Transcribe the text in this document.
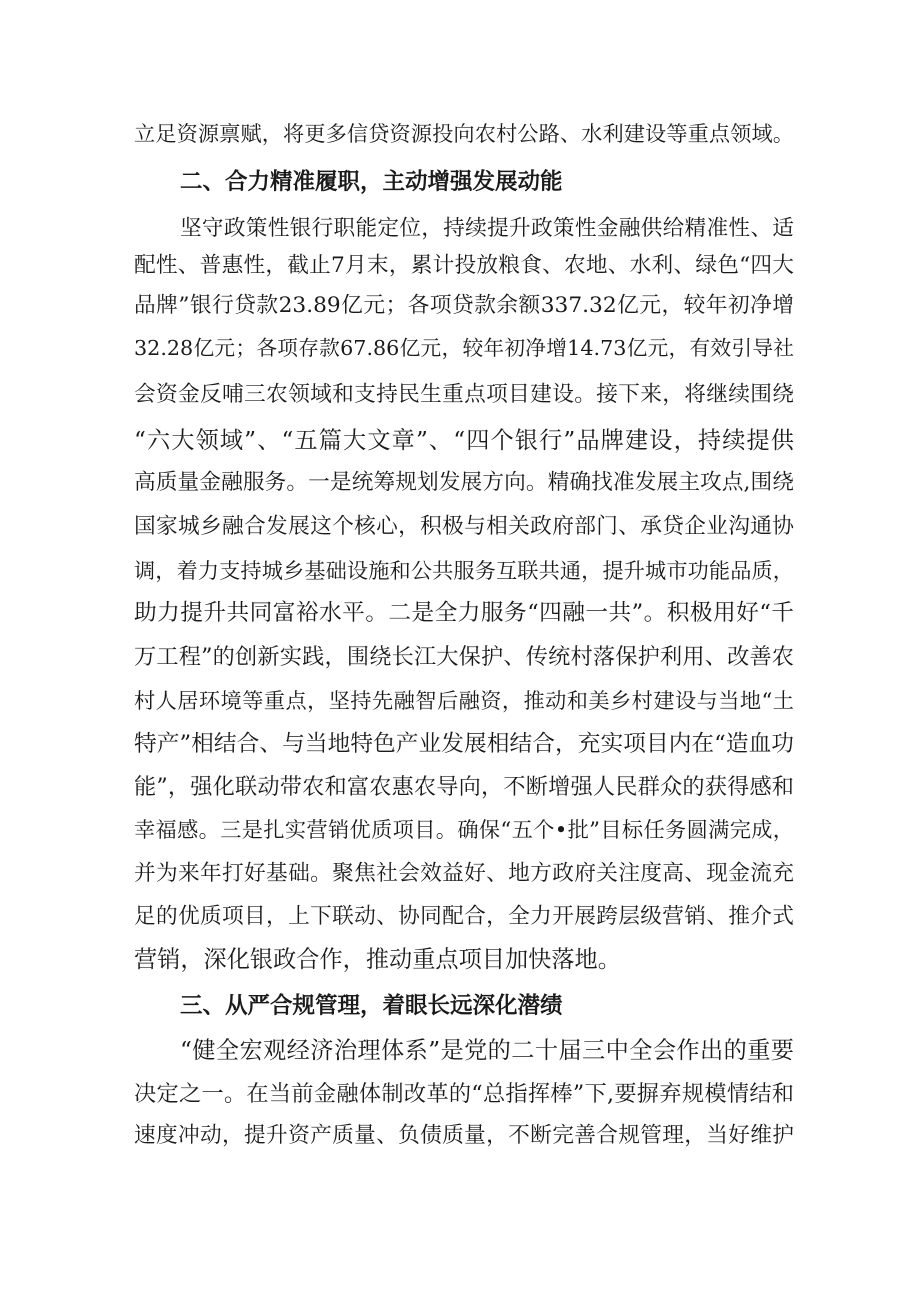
立足资源禀赋，将更多信贷资源投向农村公路、水利建设等重点领域。
二、合力精准履职，主动增强发展动能
坚守政策性银行职能定位，持续提升政策性金融供给精准性、适
配性、普惠性，截止7月末，累计投放粮食、农地、水利、绿色“四大
品牌”银行贷款23.89亿元；各项贷款余额337.32亿元，较年初净增
32.28亿元；各项存款67.86亿元，较年初净增14.73亿元，有效引导社
会资金反哺三农领域和支持民生重点项目建设。接下来，将继续围绕
“六大领域”、“五篇大文章”、“四个银行”品牌建设，持续提供
高质量金融服务。一是统筹规划发展方向。精确找准发展主攻点,围绕
国家城乡融合发展这个核心，积极与相关政府部门、承贷企业沟通协
调，着力支持城乡基础设施和公共服务互联共通，提升城市功能品质，
助力提升共同富裕水平。二是全力服务“四融一共”。积极用好“千
万工程”的创新实践，围绕长江大保护、传统村落保护利用、改善农
村人居环境等重点，坚持先融智后融资，推动和美乡村建设与当地“土
特产”相结合、与当地特色产业发展相结合，充实项目内在“造血功
能”，强化联动带农和富农惠农导向，不断增强人民群众的获得感和
幸福感。三是扎实营销优质项目。确保“五个•批”目标任务圆满完成，
并为来年打好基础。聚焦社会效益好、地方政府关注度高、现金流充
足的优质项目，上下联动、协同配合，全力开展跨层级营销、推介式
营销，深化银政合作，推动重点项目加快落地。
三、从严合规管理，着眼长远深化潜绩
“健全宏观经济治理体系”是党的二十届三中全会作出的重要
决定之一。在当前金融体制改革的“总指挥棒”下,要摒弃规模情结和
速度冲动，提升资产质量、负债质量，不断完善合规管理，当好维护
